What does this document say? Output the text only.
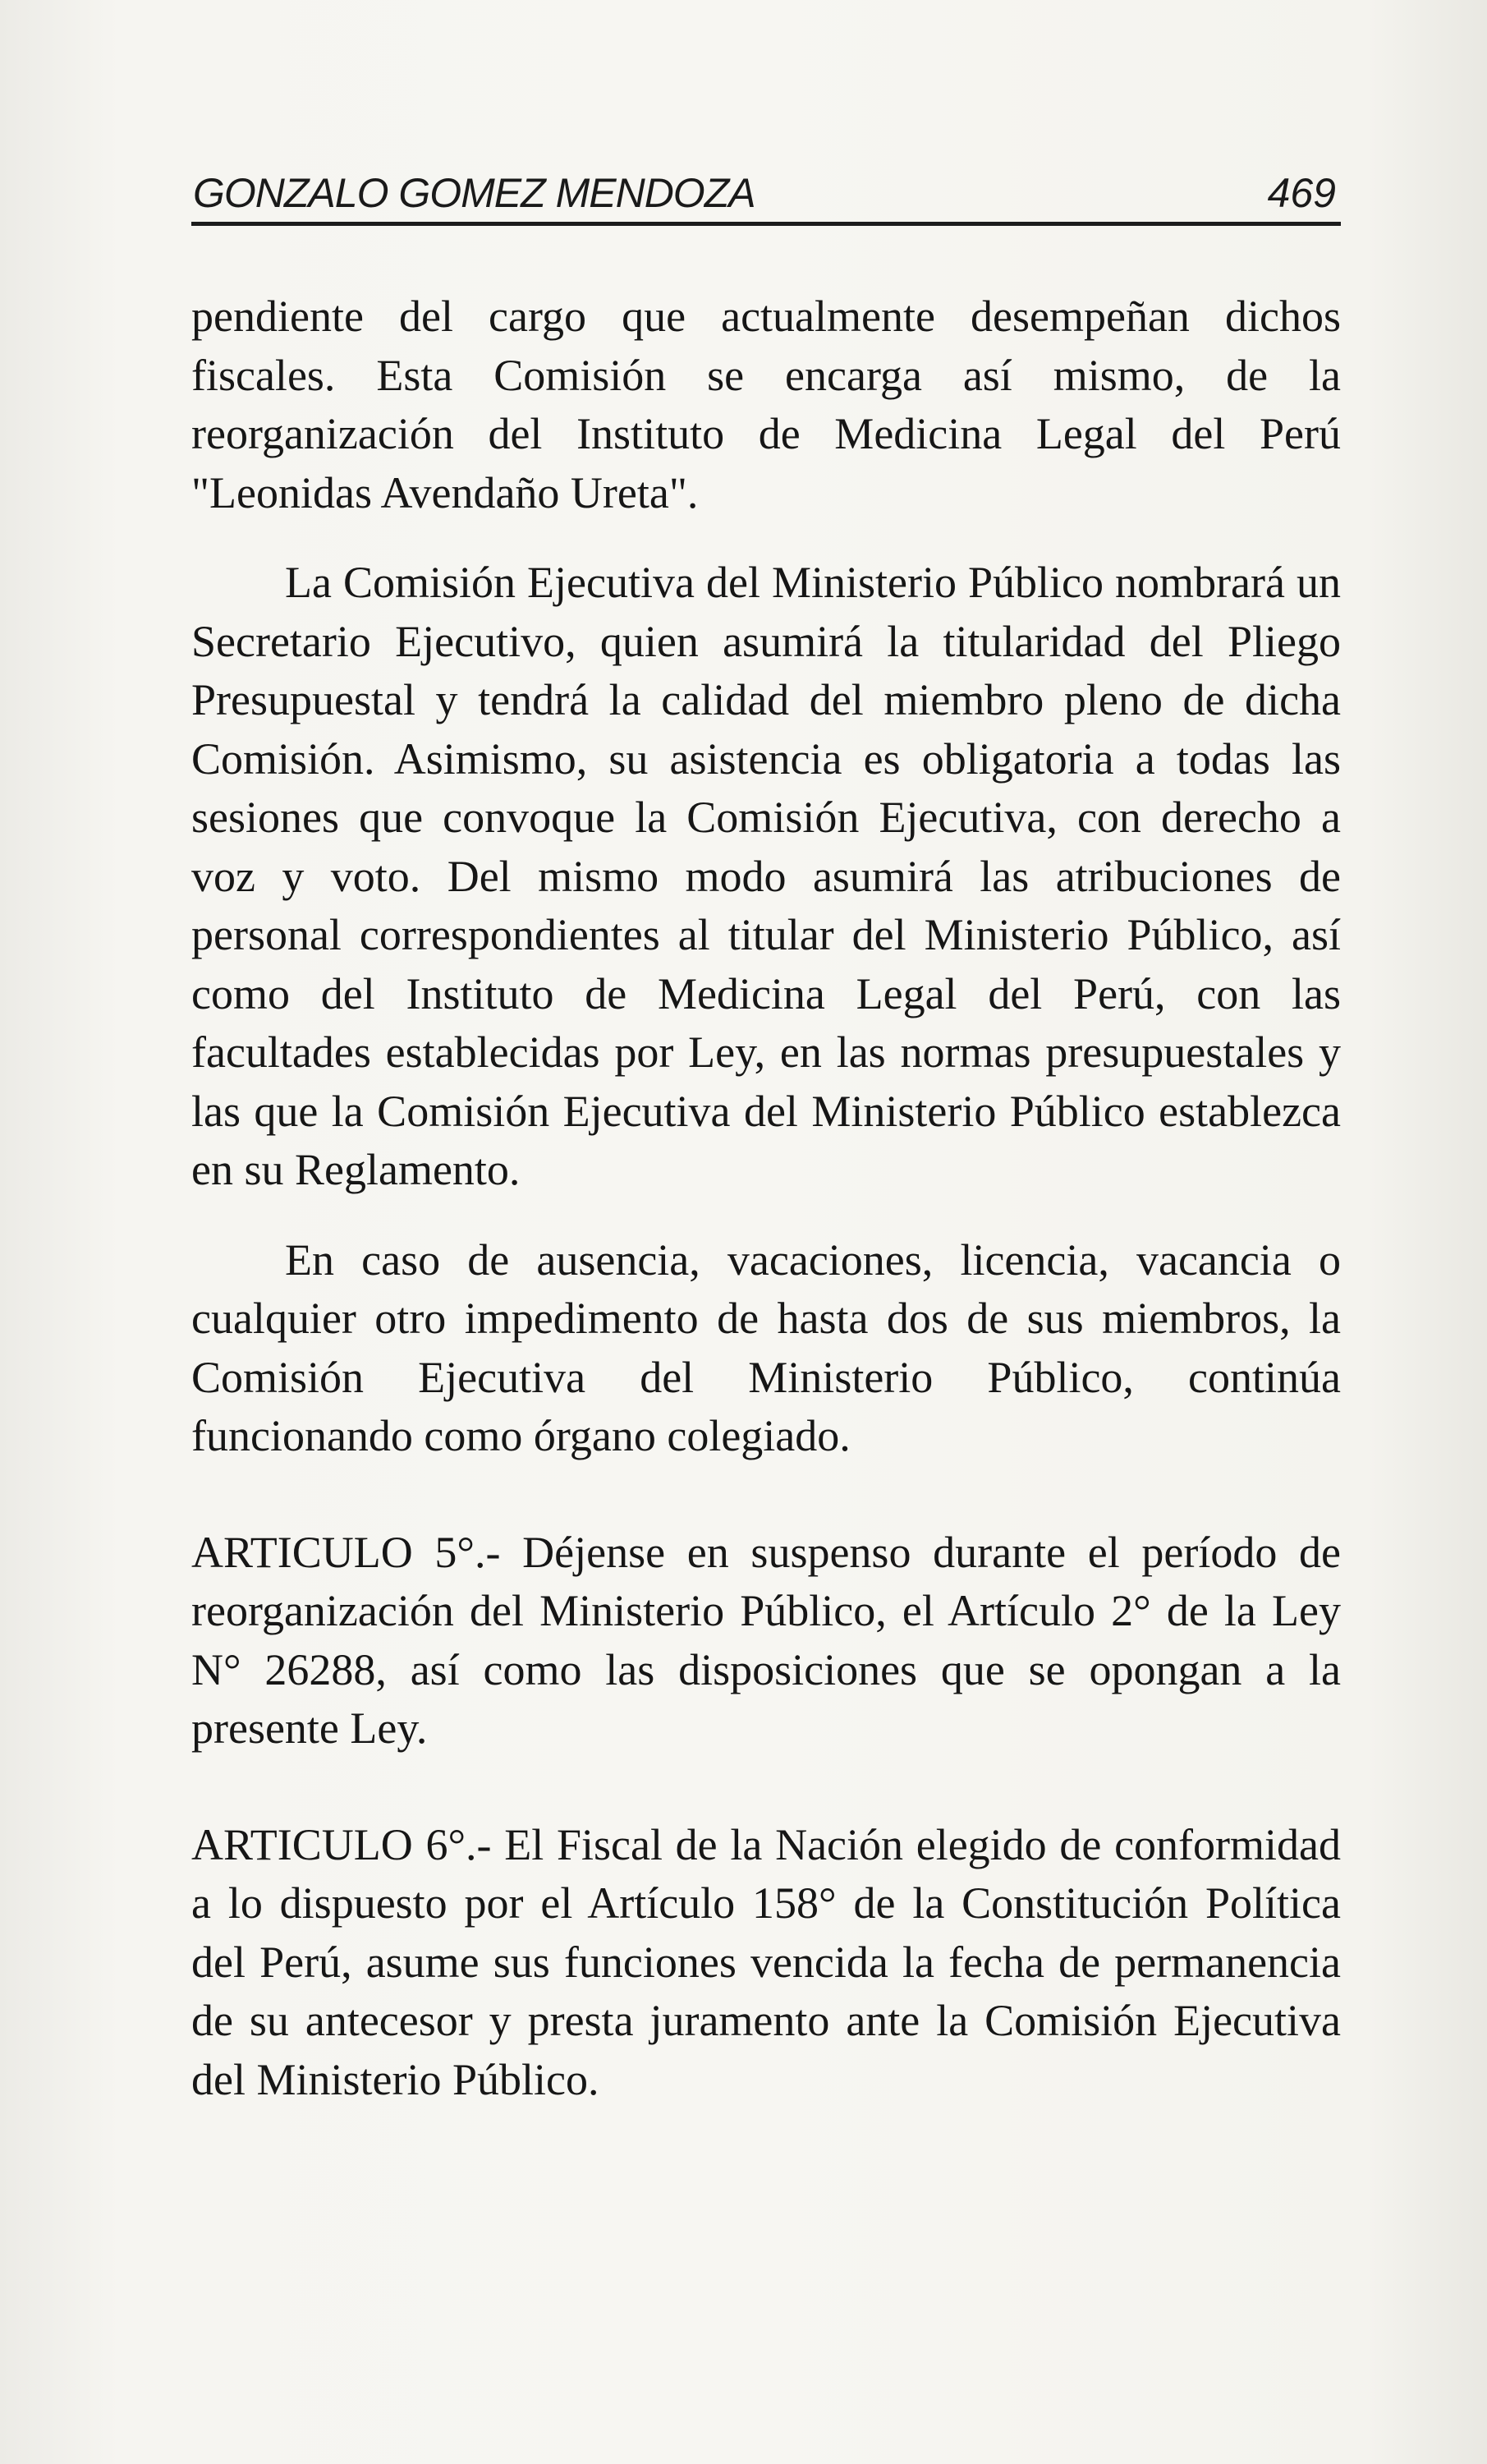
GONZALO GOMEZ MENDOZA	469

pendiente del cargo que actualmente desempeñan dichos fiscales. Esta Comisión se encarga así mismo, de la reorganización del Instituto de Medicina Legal del Perú "Leonidas Avendaño Ureta".

La Comisión Ejecutiva del Ministerio Público nombrará un Secretario Ejecutivo, quien asumirá la titularidad del Pliego Presupuestal y tendrá la calidad del miembro pleno de dicha Comisión. Asimismo, su asistencia es obligatoria a todas las sesiones que convoque la Comisión Ejecutiva, con derecho a voz y voto. Del mismo modo asumirá las atribuciones de personal correspondientes al titular del Ministerio Público, así como del Instituto de Medicina Legal del Perú, con las facultades establecidas por Ley, en las normas presupuestales y las que la Comisión Ejecutiva del Ministerio Público establezca en su Reglamento.

En caso de ausencia, vacaciones, licencia, vacancia o cualquier otro impedimento de hasta dos de sus miembros, la Comisión Ejecutiva del Ministerio Público, continúa funcionando como órgano colegiado.

ARTICULO 5°.- Déjense en suspenso durante el período de reorganización del Ministerio Público, el Artículo 2° de la Ley N° 26288, así como las disposiciones que se opongan a la presente Ley.

ARTICULO 6°.- El Fiscal de la Nación elegido de conformidad a lo dispuesto por el Artículo 158° de la Constitución Política del Perú, asume sus funciones vencida la fecha de permanencia de su antecesor y presta juramento ante la Comisión Ejecutiva del Ministerio Público.
